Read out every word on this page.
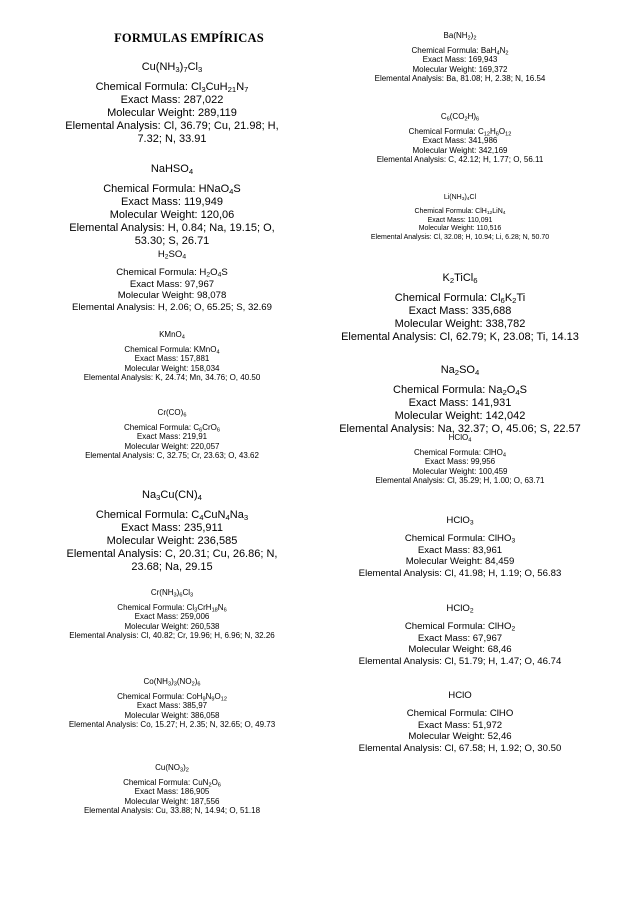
FORMULAS EMPÍRICAS
$Cu(NH_3)_7Cl_3$
Chemical Formula: $Cl_3CuH_{21}N_7$
Exact Mass: 287,022
Molecular Weight: 289,119
Elemental Analysis: Cl, 36.79; Cu, 21.98; H, 7.32; N, 33.91
NaHSO$_4$
Chemical Formula: HNaO$_4$S
Exact Mass: 119,949
Molecular Weight: 120,06
Elemental Analysis: H, 0.84; Na, 19.15; O, 53.30; S, 26.71
$H_2SO_4$
Chemical Formula: $H_2O_4S$
Exact Mass: 97,967
Molecular Weight: 98,078
Elemental Analysis: H, 2.06; O, 65.25; S, 32.69
KMnO$_4$
Chemical Formula: KMnO$_4$
Exact Mass: 157,881
Molecular Weight: 158,034
Elemental Analysis: K, 24.74; Mn, 34.76; O, 40.50
$Cr(CO)_6$
Chemical Formula: $C_6CrO_6$
Exact Mass: 219,91
Molecular Weight: 220,057
Elemental Analysis: C, 32.75; Cr, 23.63; O, 43.62
$Na_3Cu(CN)_4$
Chemical Formula: $C_4CuN_4Na_3$
Exact Mass: 235,911
Molecular Weight: 236,585
Elemental Analysis: C, 20.31; Cu, 26.86; N, 23.68; Na, 29.15
$Cr(NH_3)_6Cl_3$
Chemical Formula: $Cl_3CrH_{18}N_6$
Exact Mass: 259,006
Molecular Weight: 260,538
Elemental Analysis: Cl, 40.82; Cr, 19.96; H, 6.96; N, 32.26
$Co(NH_3)_3(NO_2)_6$
Chemical Formula: $CoH_9N_9O_{12}$
Exact Mass: 385,97
Molecular Weight: 386,058
Elemental Analysis: Co, 15.27; H, 2.35; N, 32.65; O, 49.73
$Cu(NO_3)_2$
Chemical Formula: $CuN_2O_6$
Exact Mass: 186,905
Molecular Weight: 187,556
Elemental Analysis: Cu, 33.88; N, 14.94; O, 51.18
$Ba(NH_2)_2$
Chemical Formula: $BaH_4N_2$
Exact Mass: 169,943
Molecular Weight: 169,372
Elemental Analysis: Ba, 81.08; H, 2.38; N, 16.54
$C_6(CO_2H)_6$
Chemical Formula: $C_{12}H_6O_{12}$
Exact Mass: 341,986
Molecular Weight: 342,169
Elemental Analysis: C, 42.12; H, 1.77; O, 56.11
$Li(NH_3)_4Cl$
Chemical Formula: ClH$_{12}$LiN$_4$
Exact Mass: 110,091
Molecular Weight: 110,516
Elemental Analysis: Cl, 32.08; H, 10.94; Li, 6.28; N, 50.70
$K_2TiCl_6$
Chemical Formula: $Cl_6K_2Ti$
Exact Mass: 335,688
Molecular Weight: 338,782
Elemental Analysis: Cl, 62.79; K, 23.08; Ti, 14.13
$Na_2SO_4$
Chemical Formula: $Na_2O_4S$
Exact Mass: 141,931
Molecular Weight: 142,042
Elemental Analysis: Na, 32.37; O, 45.06; S, 22.57
HClO$_4$
Chemical Formula: ClHO$_4$
Exact Mass: 99,956
Molecular Weight: 100,459
Elemental Analysis: Cl, 35.29; H, 1.00; O, 63.71
HClO$_3$
Chemical Formula: ClHO$_3$
Exact Mass: 83,961
Molecular Weight: 84,459
Elemental Analysis: Cl, 41.98; H, 1.19; O, 56.83
HClO$_2$
Chemical Formula: ClHO$_2$
Exact Mass: 67,967
Molecular Weight: 68,46
Elemental Analysis: Cl, 51.79; H, 1.47; O, 46.74
HClO
Chemical Formula: ClHO
Exact Mass: 51,972
Molecular Weight: 52,46
Elemental Analysis: Cl, 67.58; H, 1.92; O, 30.50
